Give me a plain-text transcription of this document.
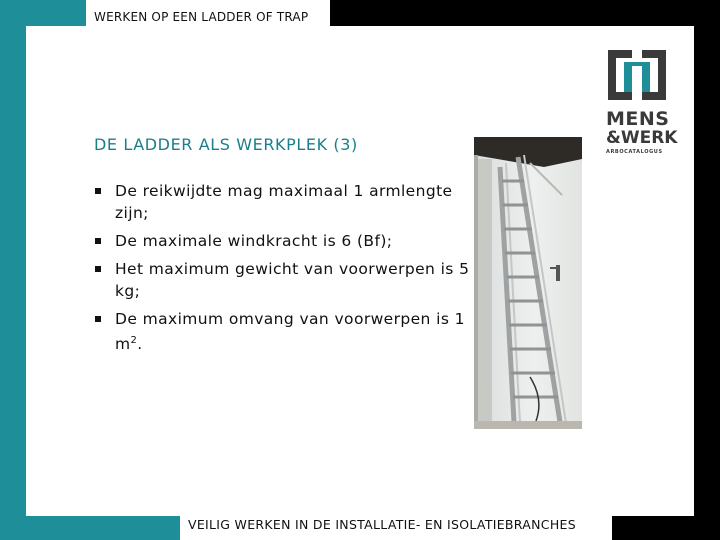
WERKEN OP EEN LADDER OF TRAP
DE LADDER ALS WERKPLEK (3)
De reikwijdte mag maximaal 1 armlengte zijn;
De maximale windkracht is 6 (Bf);
Het maximum gewicht van voorwerpen is 5 kg;
De maximum omvang van voorwerpen is 1 $m^2$.
MENS
&WERK
ARBOCATALOGUS
VEILIG WERKEN IN DE INSTALLATIE- EN ISOLATIEBRANCHES
